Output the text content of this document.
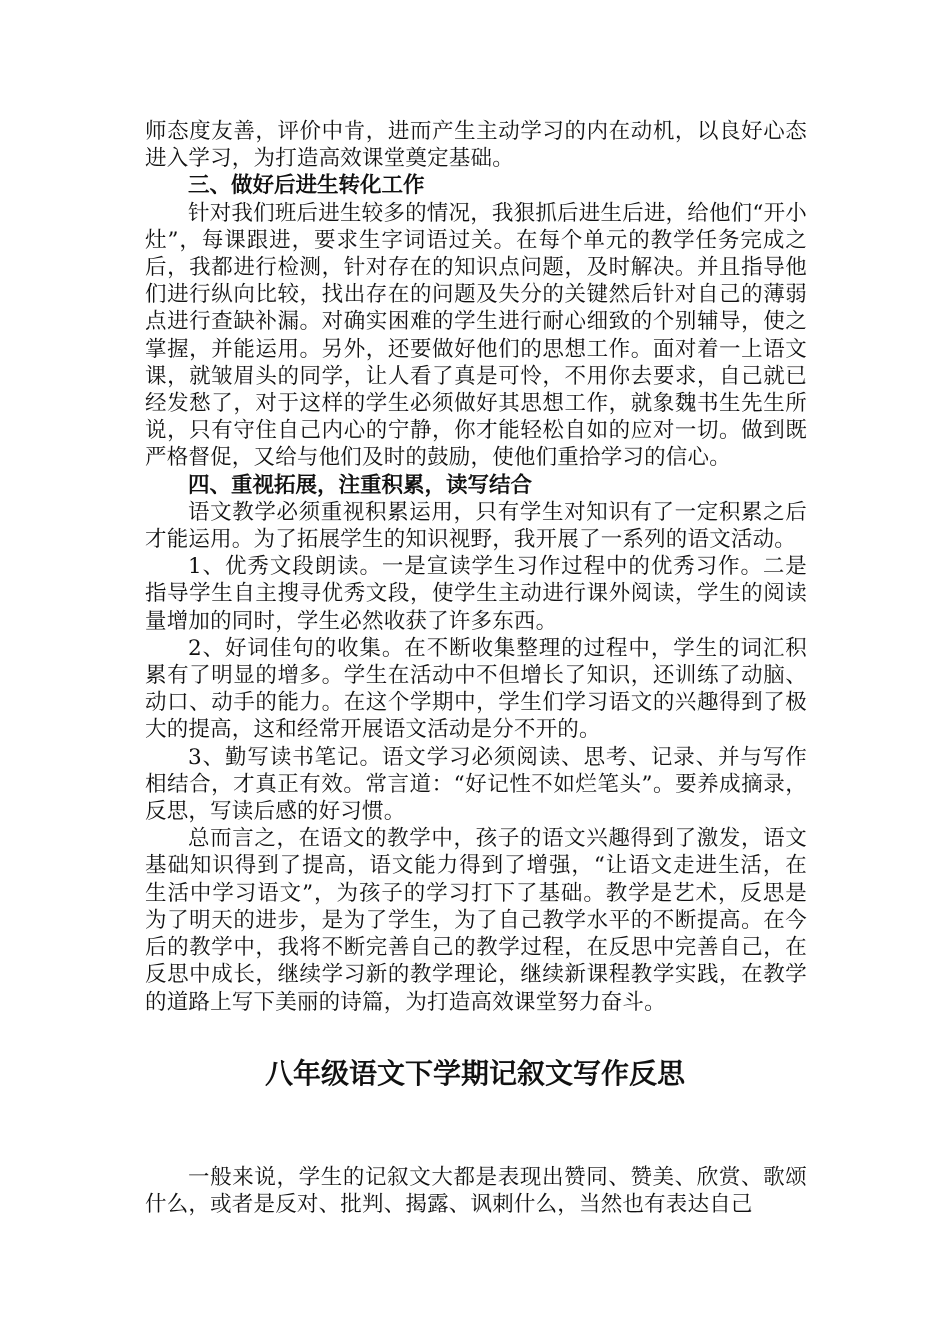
师态度友善，评价中肯，进而产生主动学习的内在动机，以良好心态进入学习，为打造高效课堂奠定基础。

三、做好后进生转化工作

针对我们班后进生较多的情况，我狠抓后进生后进，给他们“开小灶”，每课跟进，要求生字词语过关。在每个单元的教学任务完成之后，我都进行检测，针对存在的知识点问题，及时解决。并且指导他们进行纵向比较，找出存在的问题及失分的关键然后针对自己的薄弱点进行查缺补漏。对确实困难的学生进行耐心细致的个别辅导，使之掌握，并能运用。另外，还要做好他们的思想工作。面对着一上语文课，就皱眉头的同学，让人看了真是可怜，不用你去要求，自己就已经发愁了，对于这样的学生必须做好其思想工作，就象魏书生先生所说，只有守住自己内心的宁静，你才能轻松自如的应对一切。做到既严格督促，又给与他们及时的鼓励，使他们重拾学习的信心。

四、重视拓展，注重积累，读写结合

语文教学必须重视积累运用，只有学生对知识有了一定积累之后才能运用。为了拓展学生的知识视野，我开展了一系列的语文活动。

1、优秀文段朗读。一是宣读学生习作过程中的优秀习作。二是指导学生自主搜寻优秀文段，使学生主动进行课外阅读，学生的阅读量增加的同时，学生必然收获了许多东西。

2、好词佳句的收集。在不断收集整理的过程中，学生的词汇积累有了明显的增多。学生在活动中不但增长了知识，还训练了动脑、动口、动手的能力。在这个学期中，学生们学习语文的兴趣得到了极大的提高，这和经常开展语文活动是分不开的。

3、勤写读书笔记。语文学习必须阅读、思考、记录、并与写作相结合，才真正有效。常言道：“好记性不如烂笔头”。要养成摘录，反思，写读后感的好习惯。

总而言之，在语文的教学中，孩子的语文兴趣得到了激发，语文基础知识得到了提高，语文能力得到了增强，“让语文走进生活，在生活中学习语文”，为孩子的学习打下了基础。教学是艺术，反思是为了明天的进步，是为了学生，为了自己教学水平的不断提高。在今后的教学中，我将不断完善自己的教学过程，在反思中完善自己，在反思中成长，继续学习新的教学理论，继续新课程教学实践，在教学的道路上写下美丽的诗篇，为打造高效课堂努力奋斗。

八年级语文下学期记叙文写作反思

一般来说，学生的记叙文大都是表现出赞同、赞美、欣赏、歌颂什么，或者是反对、批判、揭露、讽刺什么，当然也有表达自己
